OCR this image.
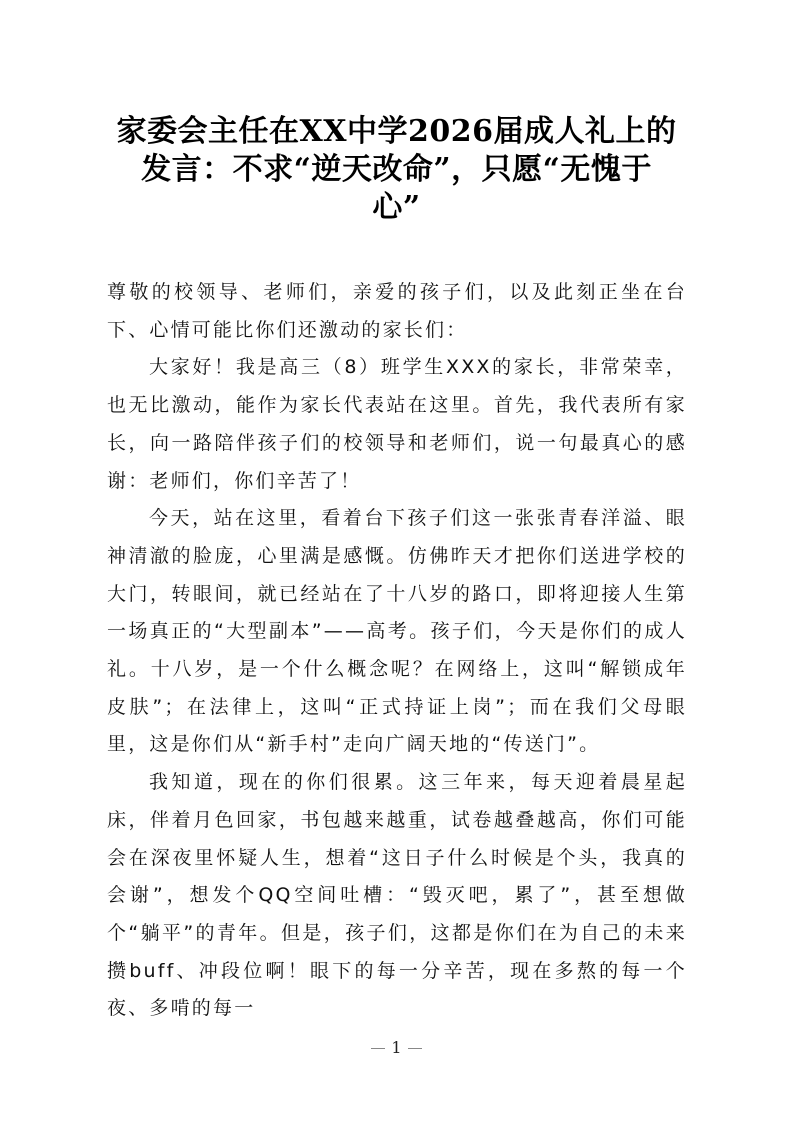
家委会主任在XX中学2026届成人礼上的
发言：不求“逆天改命”，只愿“无愧于
心”

尊敬的校领导、老师们，亲爱的孩子们，以及此刻正坐在台下、心情可能比你们还激动的家长们：

大家好！我是高三（8）班学生XXX的家长，非常荣幸，也无比激动，能作为家长代表站在这里。首先，我代表所有家长，向一路陪伴孩子们的校领导和老师们，说一句最真心的感谢：老师们，你们辛苦了！

今天，站在这里，看着台下孩子们这一张张青春洋溢、眼神清澈的脸庞，心里满是感慨。仿佛昨天才把你们送进学校的大门，转眼间，就已经站在了十八岁的路口，即将迎接人生第一场真正的“大型副本”——高考。孩子们，今天是你们的成人礼。十八岁，是一个什么概念呢？在网络上，这叫“解锁成年皮肤”；在法律上，这叫“正式持证上岗”；而在我们父母眼里，这是你们从“新手村”走向广阔天地的“传送门”。

我知道，现在的你们很累。这三年来，每天迎着晨星起床，伴着月色回家，书包越来越重，试卷越叠越高，你们可能会在深夜里怀疑人生，想着“这日子什么时候是个头，我真的会谢”，想发个QQ空间吐槽：“毁灭吧，累了”，甚至想做个“躺平”的青年。但是，孩子们，这都是你们在为自己的未来攒buff、冲段位啊！眼下的每一分辛苦，现在多熬的每一个夜、多啃的每一

1
